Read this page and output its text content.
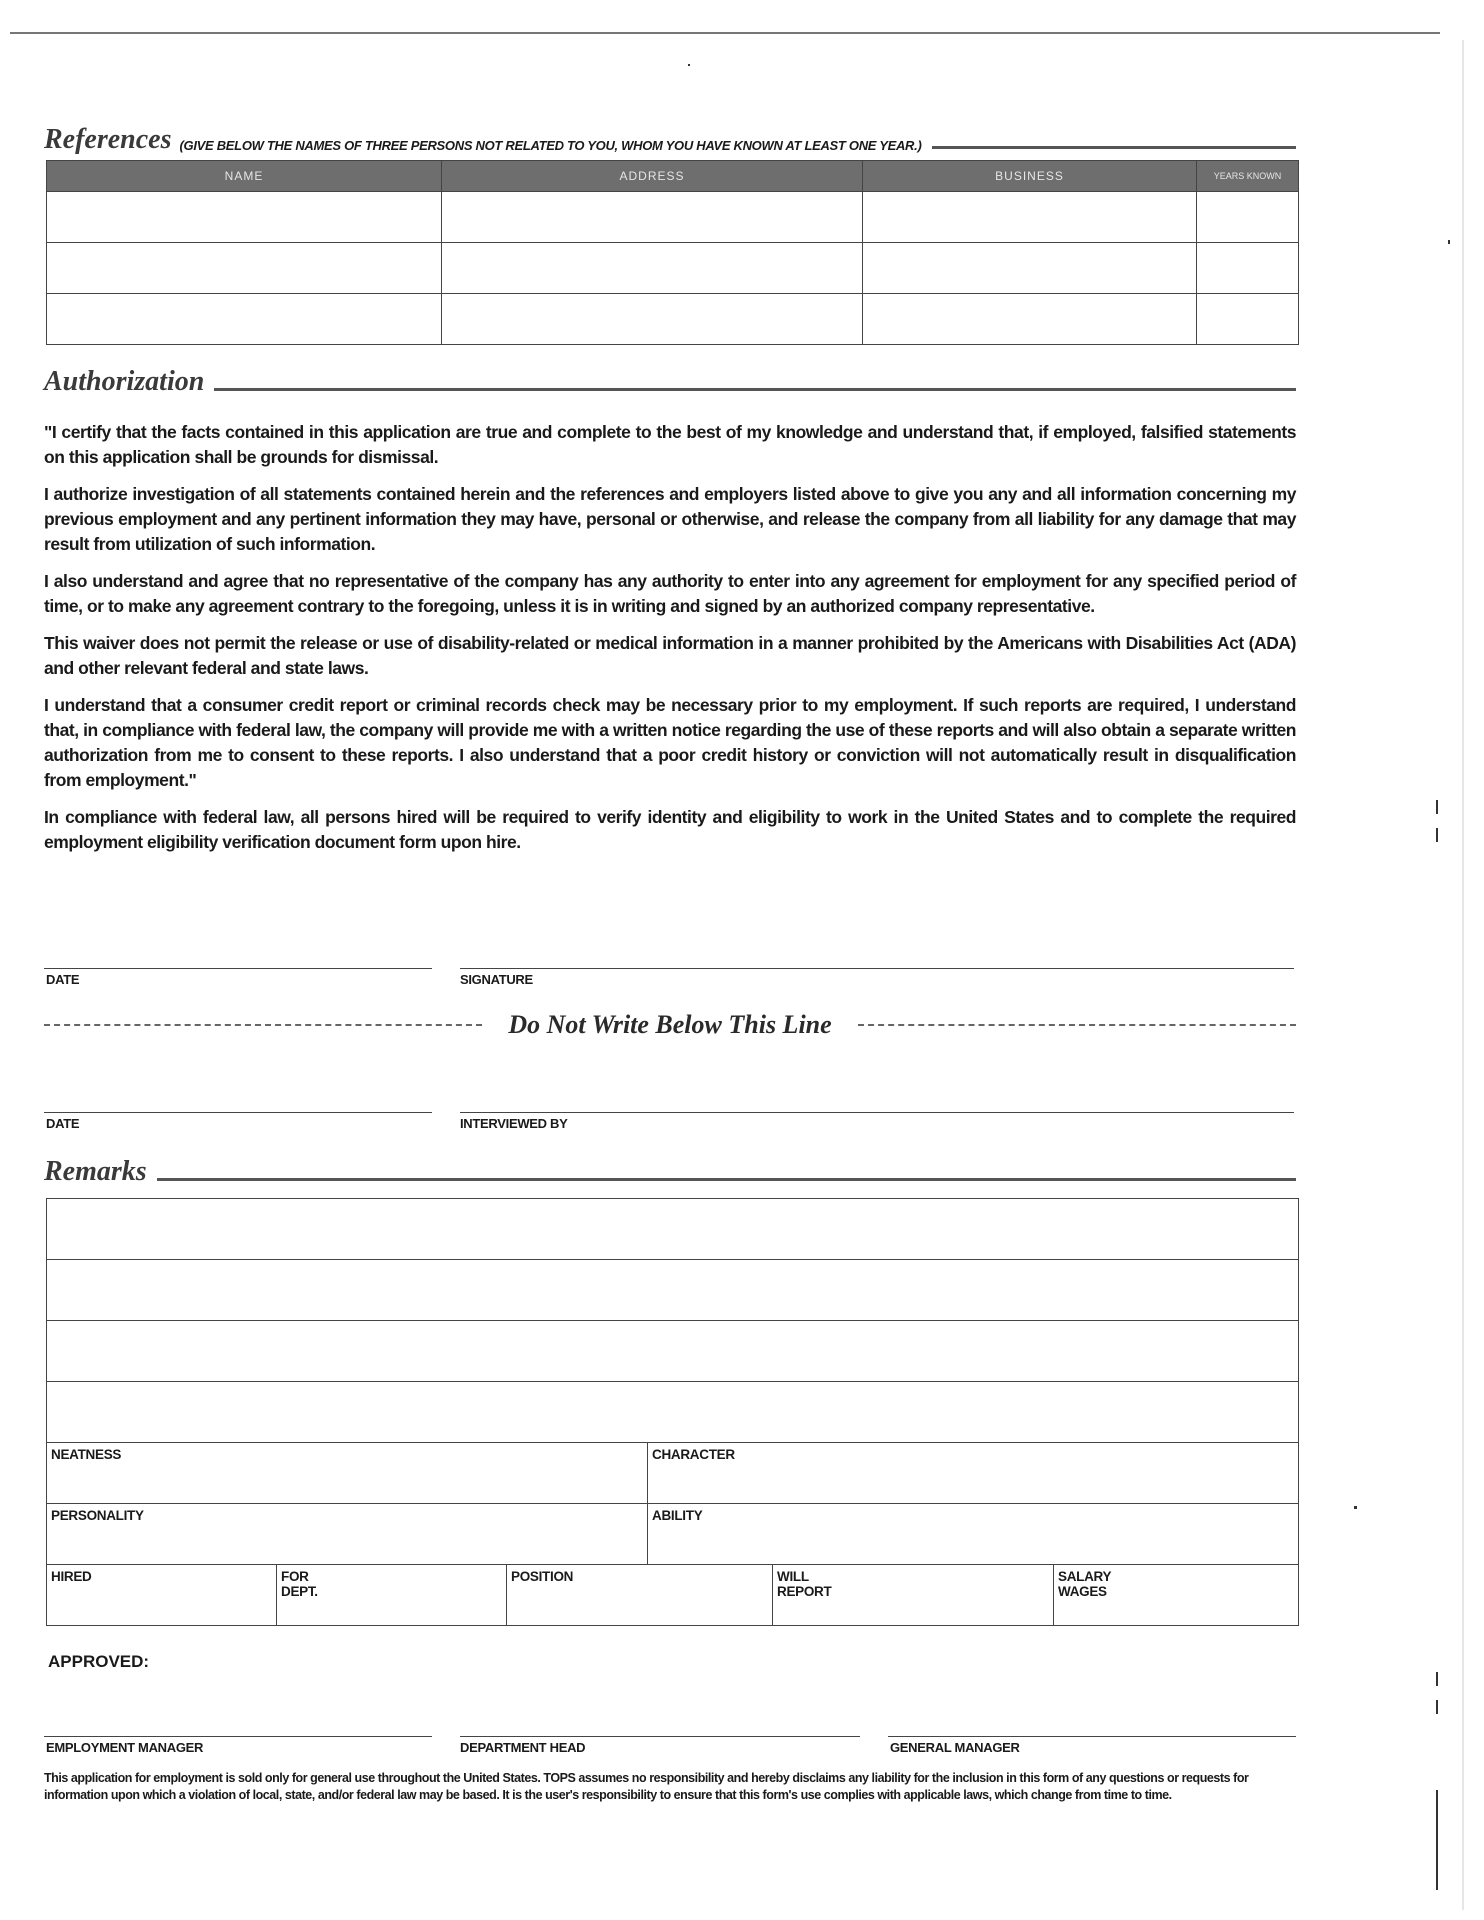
References (GIVE BELOW THE NAMES OF THREE PERSONS NOT RELATED TO YOU, WHOM YOU HAVE KNOWN AT LEAST ONE YEAR.)
NAME	ADDRESS	BUSINESS	YEARS KNOWN

Authorization

"I certify that the facts contained in this application are true and complete to the best of my knowledge and understand that, if employed, falsified statements on this application shall be grounds for dismissal.

I authorize investigation of all statements contained herein and the references and employers listed above to give you any and all information concerning my previous employment and any pertinent information they may have, personal or otherwise, and release the company from all liability for any damage that may result from utilization of such information.

I also understand and agree that no representative of the company has any authority to enter into any agreement for employment for any specified period of time, or to make any agreement contrary to the foregoing, unless it is in writing and signed by an authorized company representative.

This waiver does not permit the release or use of disability-related or medical information in a manner prohibited by the Americans with Disabilities Act (ADA) and other relevant federal and state laws.

I understand that a consumer credit report or criminal records check may be necessary prior to my employment. If such reports are required, I understand that, in compliance with federal law, the company will provide me with a written notice regarding the use of these reports and will also obtain a separate written authorization from me to consent to these reports. I also understand that a poor credit history or conviction will not automatically result in disqualification from employment."

In compliance with federal law, all persons hired will be required to verify identity and eligibility to work in the United States and to complete the required employment eligibility verification document form upon hire.

DATE	SIGNATURE
Do Not Write Below This Line
DATE	INTERVIEWED BY
Remarks

NEATNESS			CHARACTER		

PERSONALITY			ABILITY		

HIRED	FOR DEPT.	POSITION		WILL REPORT	SALARY WAGES
APPROVED:
EMPLOYMENT MANAGER	DEPARTMENT HEAD	GENERAL MANAGER
This application for employment is sold only for general use throughout the United States. TOPS assumes no responsibility and hereby disclaims any liability for the inclusion in this form of any questions or requests for information upon which a violation of local, state, and/or federal law may be based. It is the user's responsibility to ensure that this form's use complies with applicable laws, which change from time to time.
